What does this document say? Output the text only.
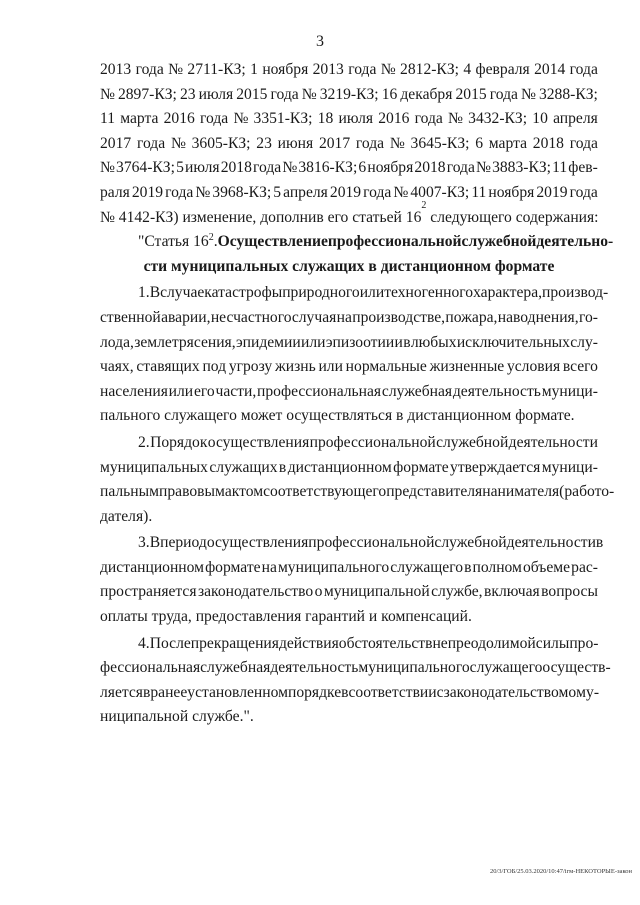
3
2013 года № 2711-КЗ; 1 ноября 2013 года № 2812-КЗ; 4 февраля 2014 года
№ 2897-КЗ; 23 июля 2015 года № 3219-КЗ; 16 декабря 2015 года № 3288-КЗ;
11 марта 2016 года № 3351-КЗ; 18 июля 2016 года № 3432-КЗ; 10 апреля
2017 года № 3605-КЗ; 23 июня 2017 года № 3645-КЗ; 6 марта 2018 года
№ 3764-КЗ; 5 июля 2018 года № 3816-КЗ; 6 ноября 2018 года № 3883-КЗ; 11 фев-
раля 2019 года № 3968-КЗ; 5 апреля 2019 года № 4007-КЗ; 11 ноября 2019 года
№ 4142-КЗ) изменение, дополнив его статьей 16
2
следующего содержания:
"Статья $16^2$. Осуществление профессиональной служебной деятельно-
сти муниципальных служащих в дистанционном формате
1. В случае катастрофы природного или техногенного характера, производ-
ственной аварии, несчастного случая на производстве, пожара, наводнения, го-
лода, землетрясения, эпидемии или эпизоотии и в любых исключительных слу-
чаях, ставящих под угрозу жизнь или нормальные жизненные условия всего
населения или его части, профессиональная служебная деятельность муници-
пального служащего может осуществляться в дистанционном формате.
2. Порядок осуществления профессиональной служебной деятельности
муниципальных служащих в дистанционном формате утверждается муници-
пальным правовым актом соответствующего представителя нанимателя (работо-
дателя).
3. В период осуществления профессиональной служебной деятельности в
дистанционном формате на муниципального служащего в полном объеме рас-
пространяется законодательство о муниципальной службе, включая вопросы
оплаты труда, предоставления гарантий и компенсаций.
4. После прекращения действия обстоятельств непреодолимой силы про-
фессиональная служебная деятельность муниципального служащего осуществ-
ляется в ранее установленном порядке в соответствии с законодательством о му-
ниципальной службе.".
20/3/ГОБ/25.03.2020/10:47/ігм-НЕКОТОРЫЕ-закон
